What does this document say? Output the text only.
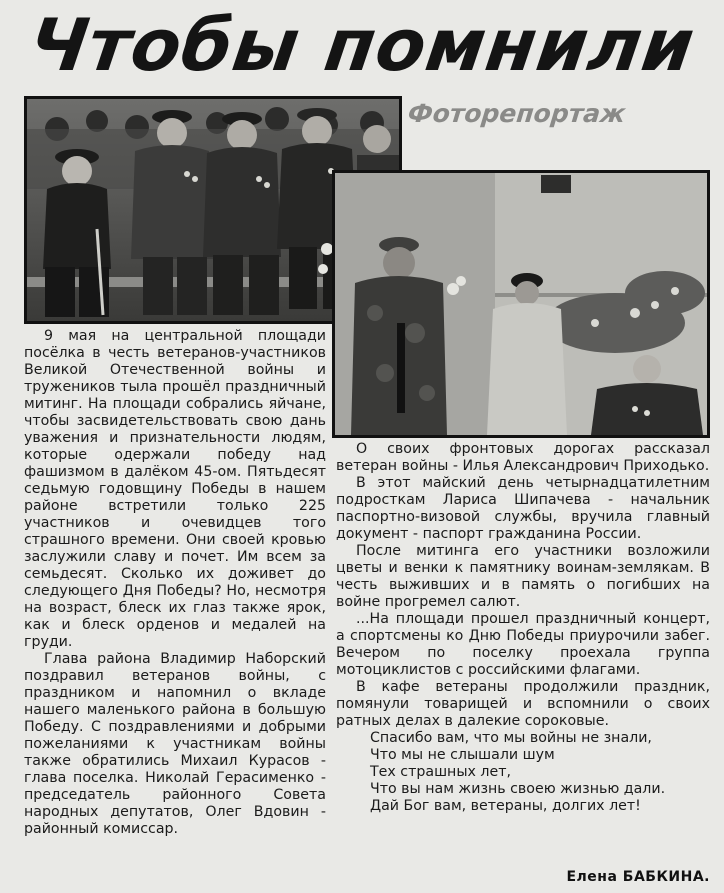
Чтобы помнили
Фоторепортаж

9 мая на центральной площади посёлка в честь ветеранов-участников Великой Отечественной войны и тружеников тыла прошёл праздничный митинг. На площади собрались яйчане, чтобы засвидетельствовать свою дань уважения и признательности людям, которые одержали победу над фашизмом в далёком 45-ом. Пятьдесят седьмую годовщину Победы в нашем районе встретили только 225 участников и очевидцев того страшного времени. Они своей кровью заслужили славу и почет. Им всем за семьдесят. Сколько их доживет до следующего Дня Победы? Но, несмотря на возраст, блеск их глаз также ярок, как и блеск орденов и медалей на груди.

Глава района Владимир Наборский поздравил ветеранов войны, с праздником и напомнил о вкладе нашего маленького района в большую Победу. С поздравлениями и добрыми пожеланиями к участникам войны также обратились Михаил Курасов - глава поселка. Николай Герасименко - председатель районного Совета народных депутатов, Олег Вдовин - районный комиссар.

О своих фронтовых дорогах рассказал ветеран войны - Илья Александрович Приходько.

В этот майский день четырнадцатилетним подросткам Лариса Шипачева - начальник паспортно-визовой службы, вручила главный документ - паспорт гражданина России.

После митинга его участники возложили цветы и венки к памятнику воинам-землякам. В честь выживших и в память о погибших на войне прогремел салют.

...На площади прошел праздничный концерт, а спортсмены ко Дню Победы приурочили забег. Вечером по поселку проехала группа мотоциклистов с российскими флагами.

В кафе ветераны продолжили праздник, помянули товарищей и вспомнили о своих ратных делах в далекие сороковые.

Спасибо вам, что мы войны не знали,
Что мы не слышали шум
Тех страшных лет,
Что вы нам жизнь своею жизнью дали.
Дай Бог вам, ветераны, долгих лет!
Елена БАБКИНА.
